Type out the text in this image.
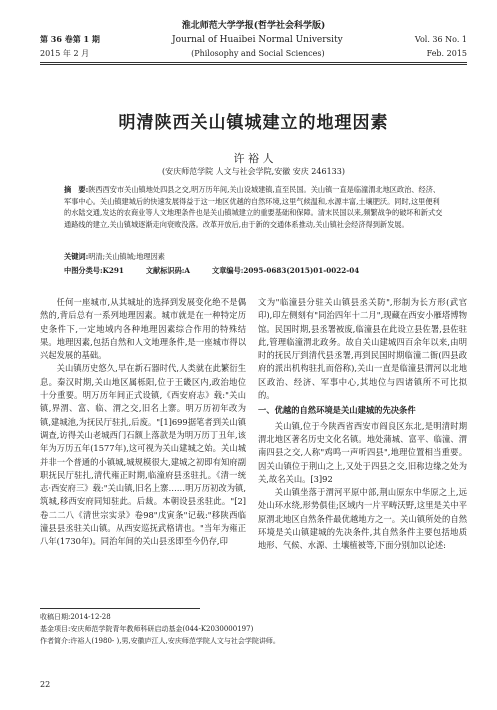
淮北师范大学学报(哲学社会科学版)
第 36 卷第 1 期	Journal of Huaibei Normal University	Vol. 36 No. 1
2015 年 2 月	(Philosophy and Social Sciences)	Feb. 2015
明清陕西关山镇城建立的地理因素
许 裕 人
(安庆师范学院 人文与社会学院,安徽 安庆 246133)
摘　要:陕西西安市关山镇地处四县之交,明万历年间,关山设城建镇,直至民国。关山镇一直是临潼渭北地区政治、经济、军事中心。关山镇建城后的快速发展得益于这一地区优越的自然环境,这里气候温和,水源丰富,土壤肥沃。同时,这里便利的水陆交通,发达的农商业等人文地理条件也是关山镇城建立的重要基础和保障。清末民国以来,频繁战争的破坏和新式交通路线的建立,关山镇城逐渐走向衰败没落。改革开放后,由于新的交通体系推动,关山镇社会经济得到新发展。
关键词:明清;关山镇城;地理因素
中图分类号:K291	文献标识码:A	文章编号:2095-0683(2015)01-0022-04

任何一座城市,从其城址的选择到发展变化绝不是偶然的,背后总有一系列地理因素。城市就是在一种特定历史条件下,一定地域内各种地理因素综合作用的特殊结果。地理因素,包括自然和人文地理条件,是一座城市得以兴起发展的基础。

关山镇历史悠久,早在新石器时代,人类就在此繁衍生息。秦汉时期,关山地区属栎阳,位于王畿区内,政治地位十分重要。明万历年间正式设镇,《西安府志》载:"关山镇,界渭、富、临、渭之交,旧名上寨。明万历初年改为镇,建城池,为抚民厅驻扎,后废。"[1]699据笔者到关山镇调查,访得关山老城西门石额上落款是为明万历丁丑年,该年为万历五年(1577年),这可视为关山建城之始。关山城并非一个普通的小镇城,城规模很大,建城之初即有知府副职抚民厅驻扎,清代雍正时期,临潼府县丞驻扎。《清一统志·西安府三》载:"关山镇,旧名上寨……明万历初改为镇,筑城,移西安府同知驻此。后裁。本朝设县丞驻此。"[2]卷二二八《清世宗实录》卷98"戊寅条"记载:"移陕西临潼县县丞驻关山镇。从西安巡抚武格请也。"当年为雍正八年(1730年)。同治年间的关山县丞即至今仍存,印

文为"临潼县分驻关山镇县丞关防",形制为长方形(武官印),印左侧刻有"同治四年十二月",现藏在西安小雁塔博物馆。民国时期,县丞署被废,临潼县在此设立县佐署,县佐驻此,管理临潼渭北政务。故自关山建城四百余年以来,由明时的抚民厅到清代县丞署,再到民国时期临潼二衙(四县政府的派出机构驻扎而俗称),关山一直是临潼县渭河以北地区政治、经济、军事中心,其地位与四诸镇所不可比拟的。

一、优越的自然环境是关山建城的先决条件

关山镇,位于今陕西省西安市阎良区东北,是明清时期渭北地区著名历史文化名镇。地处蒲城、富平、临潼、渭南四县之交,人称"鸡鸣一声听四县",地理位置相当重要。因关山镇位于荆山之上,又处于四县之交,旧称边缘之处为关,故名关山。[3]92

关山镇坐落于渭河平原中部,荆山原东中华原之上,远处山环水绕,形势俱佳;区域内一片平畴沃野,这里是关中平原渭北地区自然条件最优越地方之一。关山镇所处的自然环境是关山镇建城的先决条件,其自然条件主要包括地质地形、气候、水源、土壤植被等,下面分别加以论述:

收稿日期:2014-12-28
基金项目:安庆师范学院青年教师科研启动基金(044-K2030000197)
作者简介:许裕人(1980- ),男,安徽庐江人,安庆师范学院人文与社会学院讲师。
22
